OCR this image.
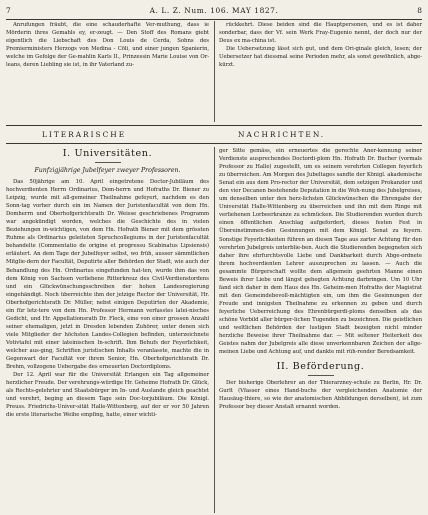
7	A. L. Z. Num. 106. MAY 1827.	8

Anrufungen fräubt, die eine schauderhafte Ver-muthung, dass ie Mörderin ihres Gemahls ey, er-zeugt. — Den Stoff des Romans giebt eigentlich die Liebschaft des Don Louis de Cerda, Sohns des Premierministers Herzogs von Medina - Cöli, und einer jungen Spanierin, welche im Gefolge der Ge-mahlin Karls II., Prinzessin Marie Louise von Or-leans, deren Liebling sie ist, in ihr Vaterland zu-

rückkehrt. Diese beiden sind die Hauptpersonen, und es ist daher sonderbar, dass der Vf. sein Werk Fray-Eugenio nennt, der doch nur der Deus ex ma-china ist.

Die Uebersetzung lässt sich gut, und dem Ori-ginale gleich, lesen; der Uebersetzer hat diessmal seine Perioden mehr, als sonst gewöhnlich, abge-kürzt.

LITERARISCHE	NACHRICHTEN.
I. Universitäten.
Funfzigjährige Jubelfeyer zweyer Professoren.

Das 50jährige am 10. April eingetretene Doctor-Jubiläum des hochverdienten Herrn Ordinarius, Dom-herrn und Hofraths Dr. Biener zu Leipzig, wurde mit all-gemeiner Theilnahme gefeyert, nachdem es den Sonn-tag vorher durch ein im Namen der Juristenfacultät von dem Hn. Domherrn und Oberhofgerichtsrath Dr. Weisse geschriebenes Programm war angekündigt worden, welches die Geschichte des in vielen Beziehungen in-wichtigen, von dem Hn. Hofrath Biener mit dem grössten Ruhme als Ordinarius geleiteten Spruchcollegiums in der Juristenfacultät behandelte (Commentatio de origine et progressu Scabinatus Lipsiensis) erläutert. An dem Tage der Jubelfeyer selbst, wo früh, ausser sämmtlichen Mitglie-dern der Facultät, Deputirte aller Behörden der Stadt, wie auch der Behandlung des Hn. Ordinarius eingefunden hat-ten, wurde ihm das von dem König von Sachsen verliehene Ritterkreuz des Civil-Verdienstordens und ein Glückwünschungsschreiben der hohen Landesregierung eingehändigt. Noch überreichte ihm der jetzige Rector der Universität, Hr. Oberhofgerichtsrath Dr. Müller, nebst einigen Deputirten der Akademie, ein für letz-tere von dem Hn. Professor Hermann verfasstes latei-nisches Gedicht, und Hr. Appellationsrath Dr. Fleck, eine von einer grossen Anzahl seiner ehemaligen, jetzt in Dresden lebenden Zuhörer, unter denen sich viele Mitglieder der höchsten Landes-Collegien befinden, unterzeichnete Votivtafel mit einer lateinischen In-schrift. Ihm Behufs der Feyerlichkeit, welcher aus-ging, Schriften juristischen Inhalts veranlasste, machte die in Gegenwart der Facultät vor ihrem Senior, Hn. Oberhofgerichtsrath Dr. Brehm, vollzogene Uebergabe des erneuerten Doctordiploms.

Der 12. April war für die Universität Erlangen ein Tag allgemeiner herzlicher Freude. Der verehrungs-würdige Hr. Geheime Hofrath Dr. Glück, als Rechts-gelehrter und Staatsbürger im In- und Auslande gleich geachtet und verehrt, beging an diesem Tage sein Doc-torjubiläum. Die Königl. Preuss. Friedrichs-Univer-sität Halle-Wittenberg, auf der er vor 50 Jahren die erste literarische Weihe empfing, hatte, einer wichti-

ger Sitte gemäss, ein erneuertes die gerechte Aner-kennung seiner Verdienste ausprechendes Doctordi-plom Hn. Hofrath Dr. Bucher (vormals Professor zu Halle) zugestellt, um es seinem verehrten Collegen feyerlich zu überreichen. Am Morgen des Jubeltages sandte der Königl. akademische Senat ein aus dem Pro-rector der Universität, dem setzigen Prokanzler und den vier Decanen bestehende Deputation in die Woh-nung des Jubelgreises, um denselben unter den herz-lichsten Glückwünschen die Ehrengabe der Universität Halle-Wittenberg zu überreichen und ihn mit dem Ringe mit verliehenen Lorbeerkranze zu schmücken. Die Studierenden wurden durch einen öffentlichen Anschlag aufgefordert, dieses festen Fest in Übereinstimmen-den Gesinnungen mit dem Königl. Senat zu feyern. Sonstige Feyerlichkeiten führen an diesen Tage aus zarter Achtung für den verehrten Jubelgreis unterblie-ben. Auch die Studierenden begegneten sich daher ihre ehrfurchtsvolle Liebe und Dankbarkeit durch Abge-ordnete ihrem hochverdienten Lehrer auszuprechen zu lassen. — Auch die gesammte Bürgerschaft wollte dem allgemein geehrten Manne einen Beweis ihrer Liebe und längst gehegten Achtung darbringen. Um 10 Uhr fand sich daher in dem Haus des Hn. Geheim-men Hofraths der Magistrat mit den Gemeindebevoll-mächtigten ein, um ihm die Gesinnungen der Freude und innigsten Theilnahme zu erkennen zu geben und durch feyerliche Ueberreichung des Ehrenbürgerdi-ploms denselben als das schöne Vorbild aller bürger-lichen Tugenden zu bezeichnen. Die geistlichen und weltlichen Behörden der lustigen Stadt bezeigten nicht minder herzliche Beweise ihrer Theilnahme dar. — Mit seltener Heiterkeit des Geistes nahm der Jubelgreis alle diese unverkennbaren Zeichen der allge-meinen Liebe und Achtung auf, und dankte mit rüh-render Beredsamkeit.

II. Beförderung.

Der bisherige Oberlehrer an der Thierarzney-schule zu Berlin, Hr. Dr. Gurlt (Vfasser eines Hand-buchs der vergleichenden Anatomie der Hausäug-thiere, so wie der anatomischen Abbildungen derselben), ist zum Professor bey dieser Anstalt ernannt worden.
